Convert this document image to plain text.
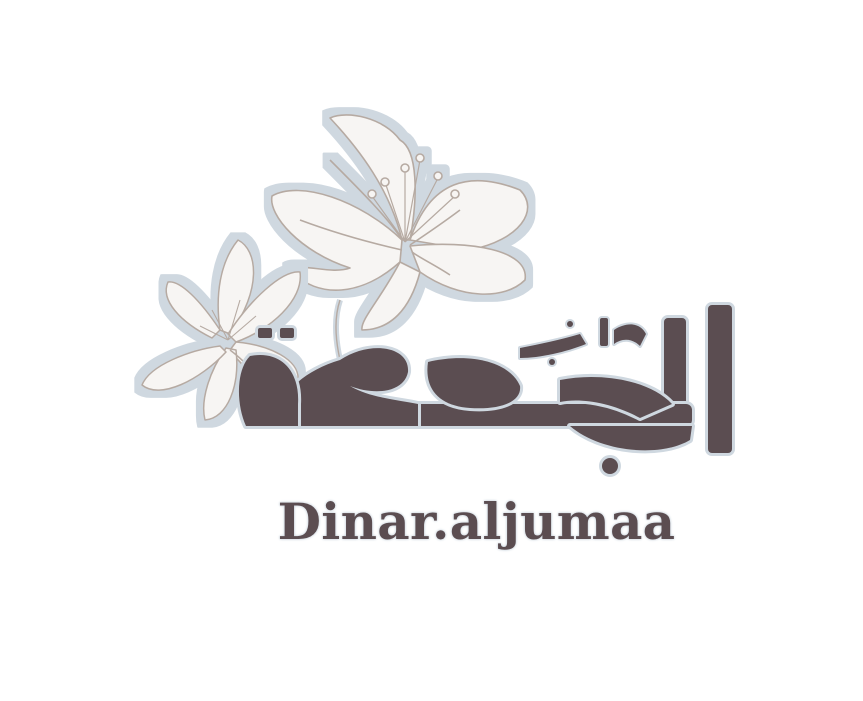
Dinar.aljumaa
